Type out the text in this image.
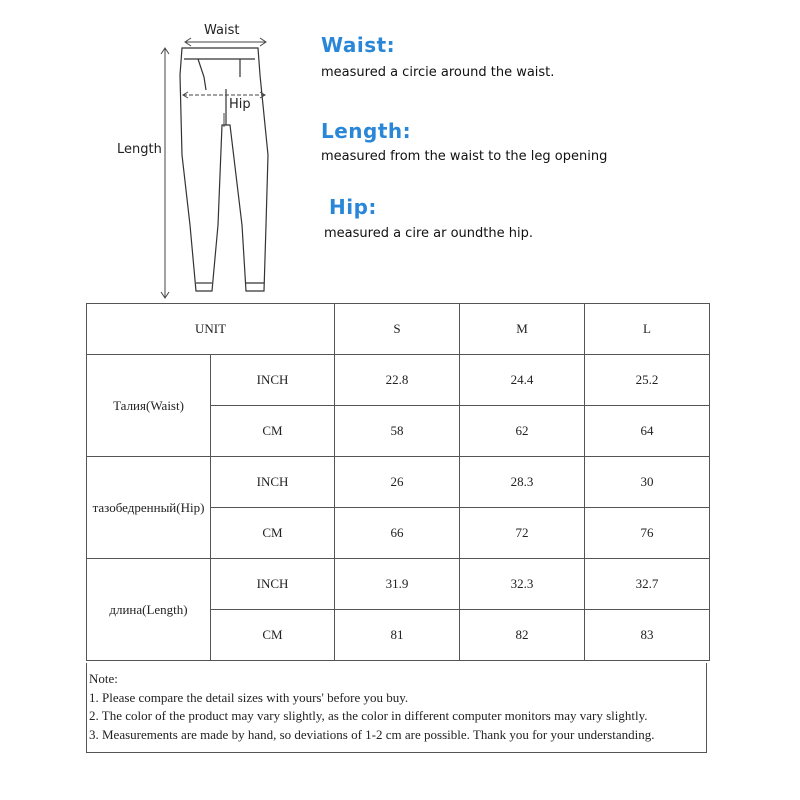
Waist
Hip
Length
Waist:
measured a circie around the waist.
Length:
measured from the waist to the leg opening
Hip:
measured a cire ar oundthe hip.
UNIT		S	M	L
Талия(Waist)	INCH	22.8	24.4	25.2
	CM	58	62	64
тазобедренный(Hip)	INCH	26	28.3	30
	CM	66	72	76
длина(Length)	INCH	31.9	32.3	32.7
	CM	81	82	83
Note:
1. Please compare the detail sizes with yours' before you buy.
2. The color of the product may vary slightly, as the color in different computer monitors may vary slightly.
3. Measurements are made by hand, so deviations of 1-2 cm are possible. Thank you for your understanding.
